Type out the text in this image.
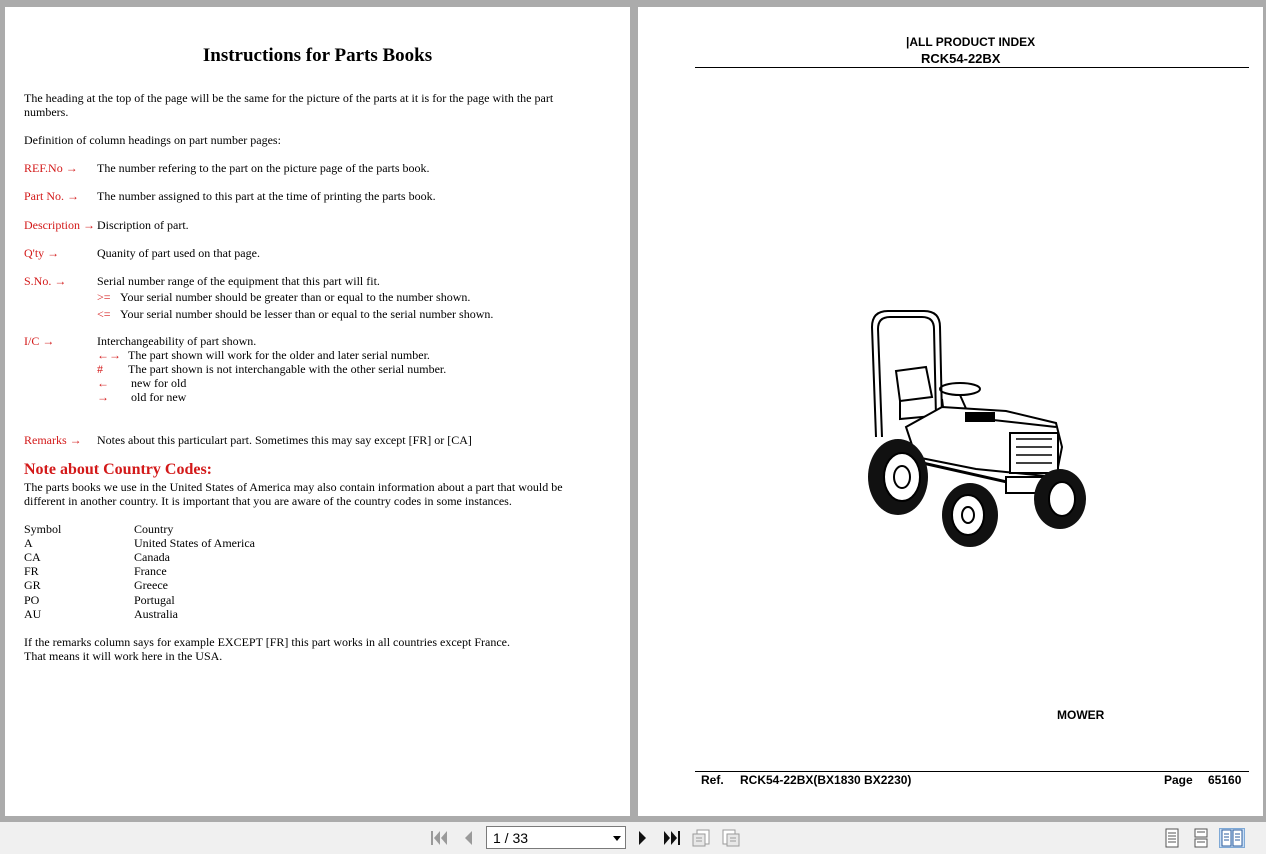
Instructions for Parts Books
The heading at the top of the page will be the same for the picture of the parts at it is for the page with the part
numbers.
Definition of column headings on part number pages:
REF.No → The number refering to the part on the picture page of the parts book.
Part No. → The number assigned to this part at the time of printing the parts book.
Description → Discription of part.
Q'ty →	Quanity of part used on that page.
S.No. →	Serial number range of the equipment that this part will fit.
>= Your serial number should be greater than or equal to the number shown.
<= Your serial number should be lesser than or equal to the serial number shown.
I/C →	Interchangeability of part shown.
←→ The part shown will work for the older and later serial number.
# The part shown is not interchangable with the other serial number.
← new for old
→ old for new
Remarks → Notes about this particulart part. Sometimes this may say except [FR] or [CA]
Note about Country Codes:
The parts books we use in the United States of America may also contain information about a part that would be
different in another country. It is important that you are aware of the country codes in some instances.
Symbol	Country
A	United States of America
CA	Canada
FR	France
GR	Greece
PO	Portugal
AU	Australia
If the remarks column says for example EXCEPT [FR] this part works in all countries except France.
That means it will work here in the USA.
|ALL PRODUCT INDEX
RCK54-22BX
MOWER
Ref. RCK54-22BX(BX1830 BX2230)	Page 65160
1 / 33
